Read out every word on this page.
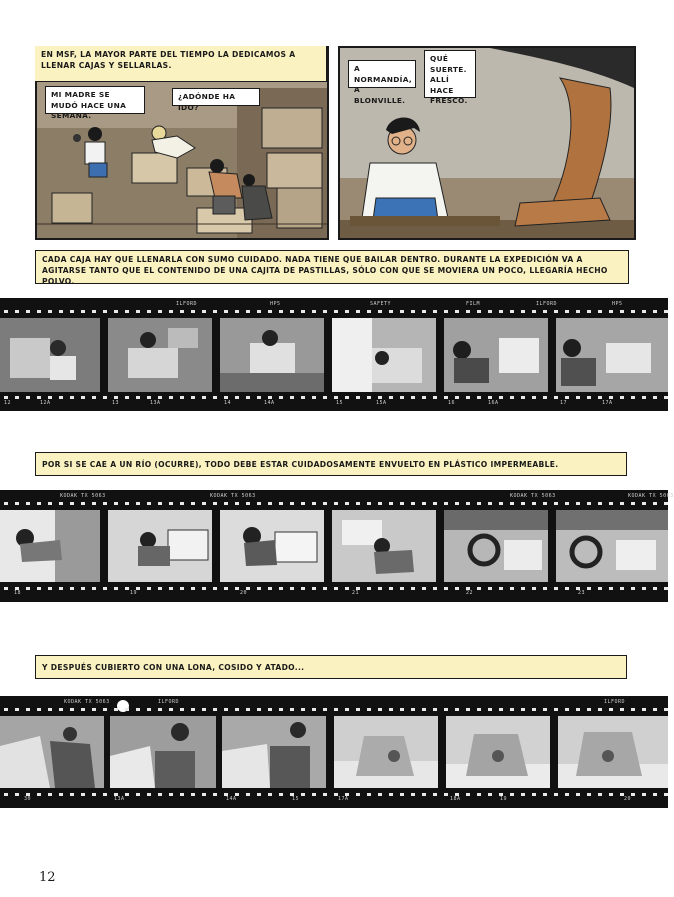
EN MSF, LA MAYOR PARTE DEL TIEMPO LA DEDICAMOS A LLENAR CAJAS Y SELLARLAS.
MI MADRE SE MUDÓ HACE UNA SEMANA.
¿ADÓNDE HA IDO?
A NORMANDÍA, A BLONVILLE.
QUÉ SUERTE. ALLÍ HACE FRESCO.
CADA CAJA HAY QUE LLENARLA CON SUMO CUIDADO. NADA TIENE QUE BAILAR DENTRO. DURANTE LA EXPEDICIÓN VA A AGITARSE TANTO QUE EL CONTENIDO DE UNA CAJITA DE PASTILLAS, SÓLO CON QUE SE MOVIERA UN POCO, LLEGARÍA HECHO POLVO.
ILFORD	HP5	SAFETY	FILM	ILFORD	HP5
12	12A	13	13A	14	14A	15	15A	16	16A	17	17A
POR SI SE CAE A UN RÍO (OCURRE), TODO DEBE ESTAR CUIDADOSAMENTE ENVUELTO EN PLÁSTICO IMPERMEABLE.
KODAK TX 5063	KODAK TX 5063	KODAK TX 5063	KODAK TX 5063
18	19	20	21	22	23
Y DESPUÉS CUBIERTO CON UNA LONA, COSIDO Y ATADO...
KODAK TX 5063	ILFORD	ILFORD
30	13A	14A	15	17A	18A	19	20
12
